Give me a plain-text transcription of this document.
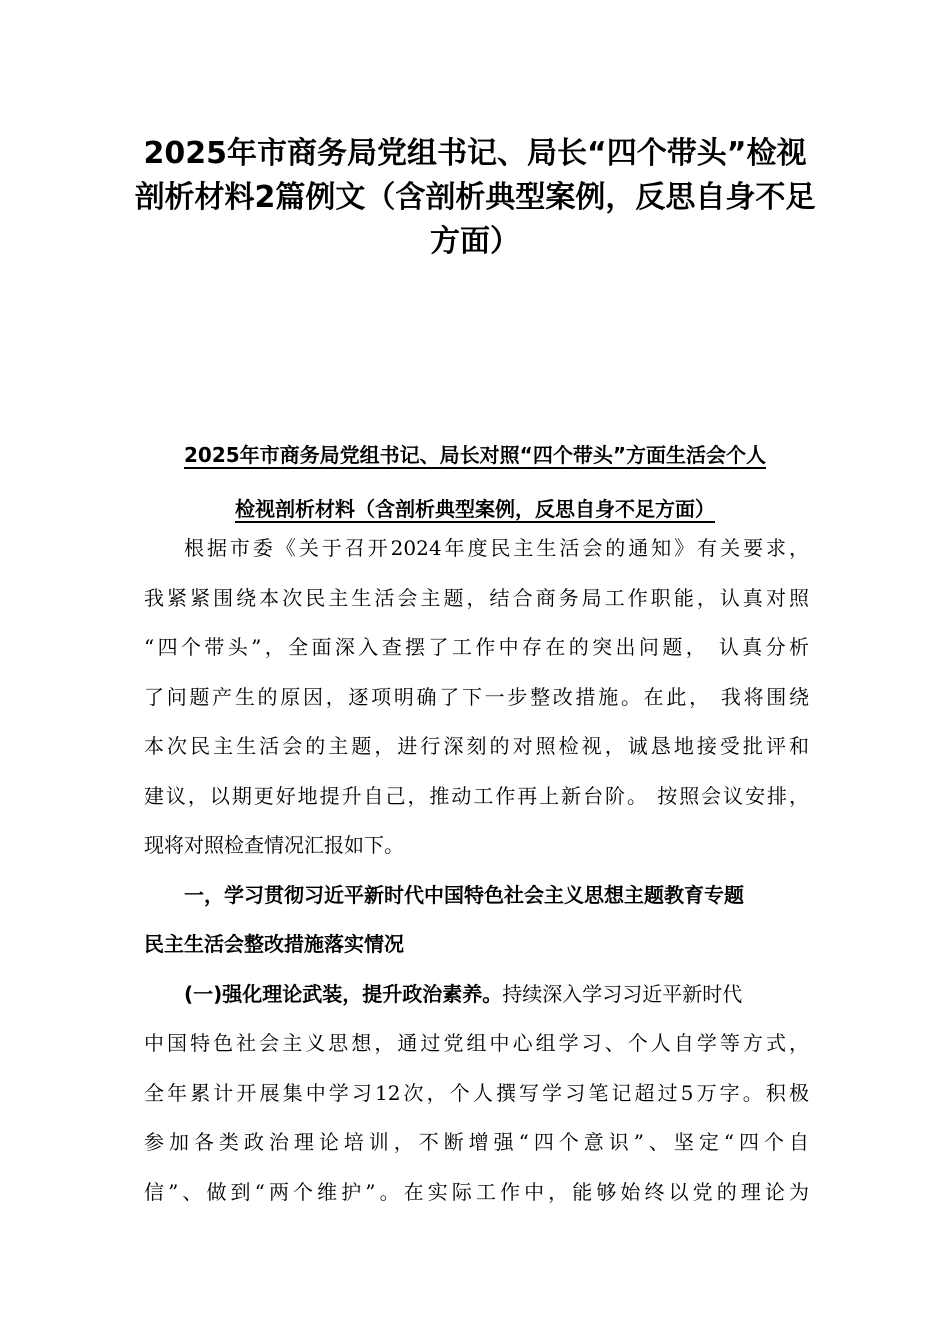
2025年市商务局党组书记、局长“四个带头”检视
剖析材料2篇例文（含剖析典型案例，反思自身不足
方面）
2025年市商务局党组书记、局长对照“四个带头”方面生活会个人
检视剖析材料（含剖析典型案例，反思自身不足方面）
根据市委《关于召开2024年度民主生活会的通知》有关要求，
我紧紧围绕本次民主生活会主题，结合商务局工作职能，认真对照
“四个带头”，全面深入查摆了工作中存在的突出问题， 认真分析
了问题产生的原因，逐项明确了下一步整改措施。在此， 我将围绕
本次民主生活会的主题，进行深刻的对照检视，诚恳地接受批评和
建议，以期更好地提升自己，推动工作再上新台阶。 按照会议安排，
现将对照检查情况汇报如下。
一，学习贯彻习近平新时代中国特色社会主义思想主题教育专题
民主生活会整改措施落实情况
(一)强化理论武装，提升政治素养。持续深入学习习近平新时代
中国特色社会主义思想，通过党组中心组学习、个人自学等方式，
全年累计开展集中学习12次，个人撰写学习笔记超过5万字。积极
参加各类政治理论培训，不断增强“四个意识”、坚定“四个自
信”、做到“两个维护”。在实际工作中，能够始终以党的理论为
